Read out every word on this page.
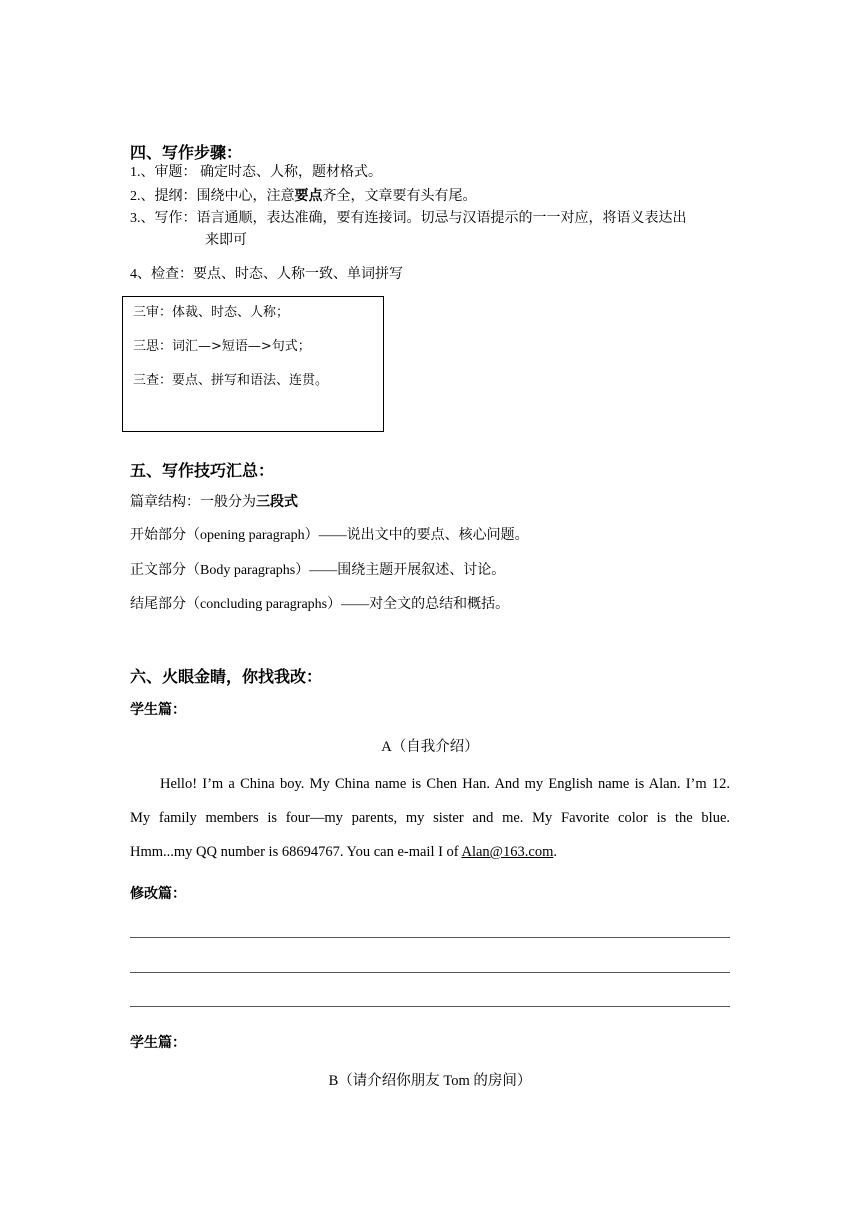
四、写作步骤：
1.、审题： 确定时态、人称，题材格式。
2.、提纲：围绕中心，注意要点齐全，文章要有头有尾。
3.、写作：语言通顺，表达准确，要有连接词。切忌与汉语提示的一一对应，将语义表达出
来即可
4、检查：要点、时态、人称一致、单词拼写
三审：体裁、时态、人称；
三思：词汇—>短语—>句式；
三查：要点、拼写和语法、连贯。
五、写作技巧汇总：
篇章结构：一般分为三段式
开始部分（opening paragraph）——说出文中的要点、核心问题。
正文部分（Body paragraphs）——围绕主题开展叙述、讨论。
结尾部分（concluding paragraphs）——对全文的总结和概括。
六、火眼金睛，你找我改：
学生篇：
A（自我介绍）
Hello! I’m a China boy. My China name is Chen Han. And my English name is Alan. I’m 12.
My family members is four—my parents, my sister and me. My Favorite color is the blue.
Hmm...my QQ number is 68694767. You can e-mail I of Alan@163.com.
修改篇：
学生篇：
B（请介绍你朋友 Tom 的房间）
